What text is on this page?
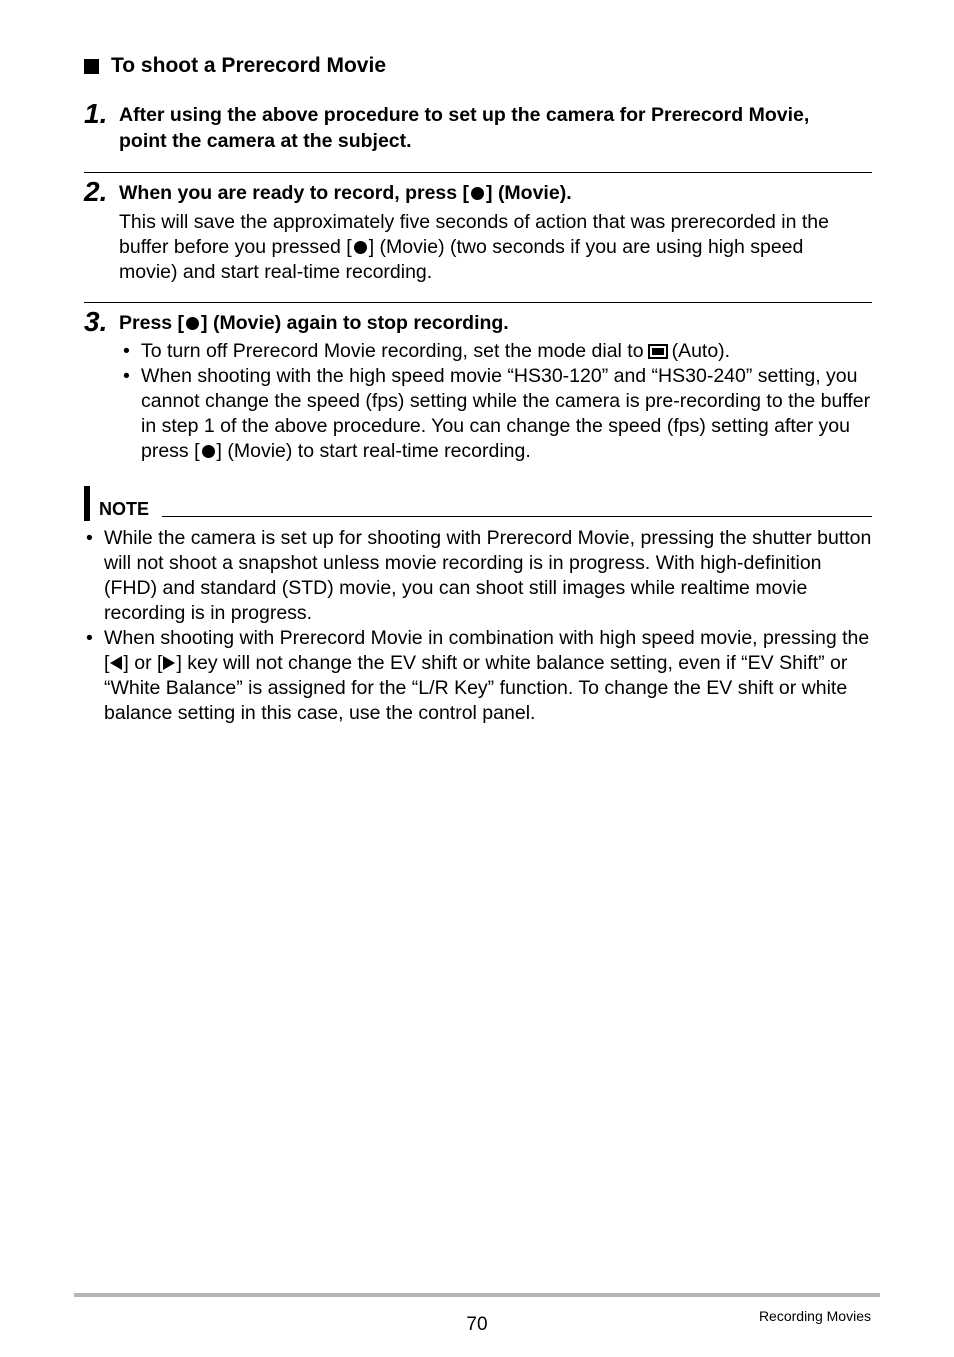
To shoot a Prerecord Movie
1. After using the above procedure to set up the camera for Prerecord Movie, point the camera at the subject.
2. When you are ready to record, press [ ] (Movie).
This will save the approximately five seconds of action that was prerecorded in the buffer before you pressed [ ] (Movie) (two seconds if you are using high speed movie) and start real-time recording.
3. Press [ ] (Movie) again to stop recording.
• To turn off Prerecord Movie recording, set the mode dial to (Auto).
• When shooting with the high speed movie “HS30-120” and “HS30-240” setting, you cannot change the speed (fps) setting while the camera is pre-recording to the buffer in step 1 of the above procedure. You can change the speed (fps) setting after you press [ ] (Movie) to start real-time recording.
NOTE
• While the camera is set up for shooting with Prerecord Movie, pressing the shutter button will not shoot a snapshot unless movie recording is in progress. With high-definition (FHD) and standard (STD) movie, you can shoot still images while realtime movie recording is in progress.
• When shooting with Prerecord Movie in combination with high speed movie, pressing the [ ] or [ ] key will not change the EV shift or white balance setting, even if “EV Shift” or “White Balance” is assigned for the “L/R Key” function. To change the EV shift or white balance setting in this case, use the control panel.
70	Recording Movies
